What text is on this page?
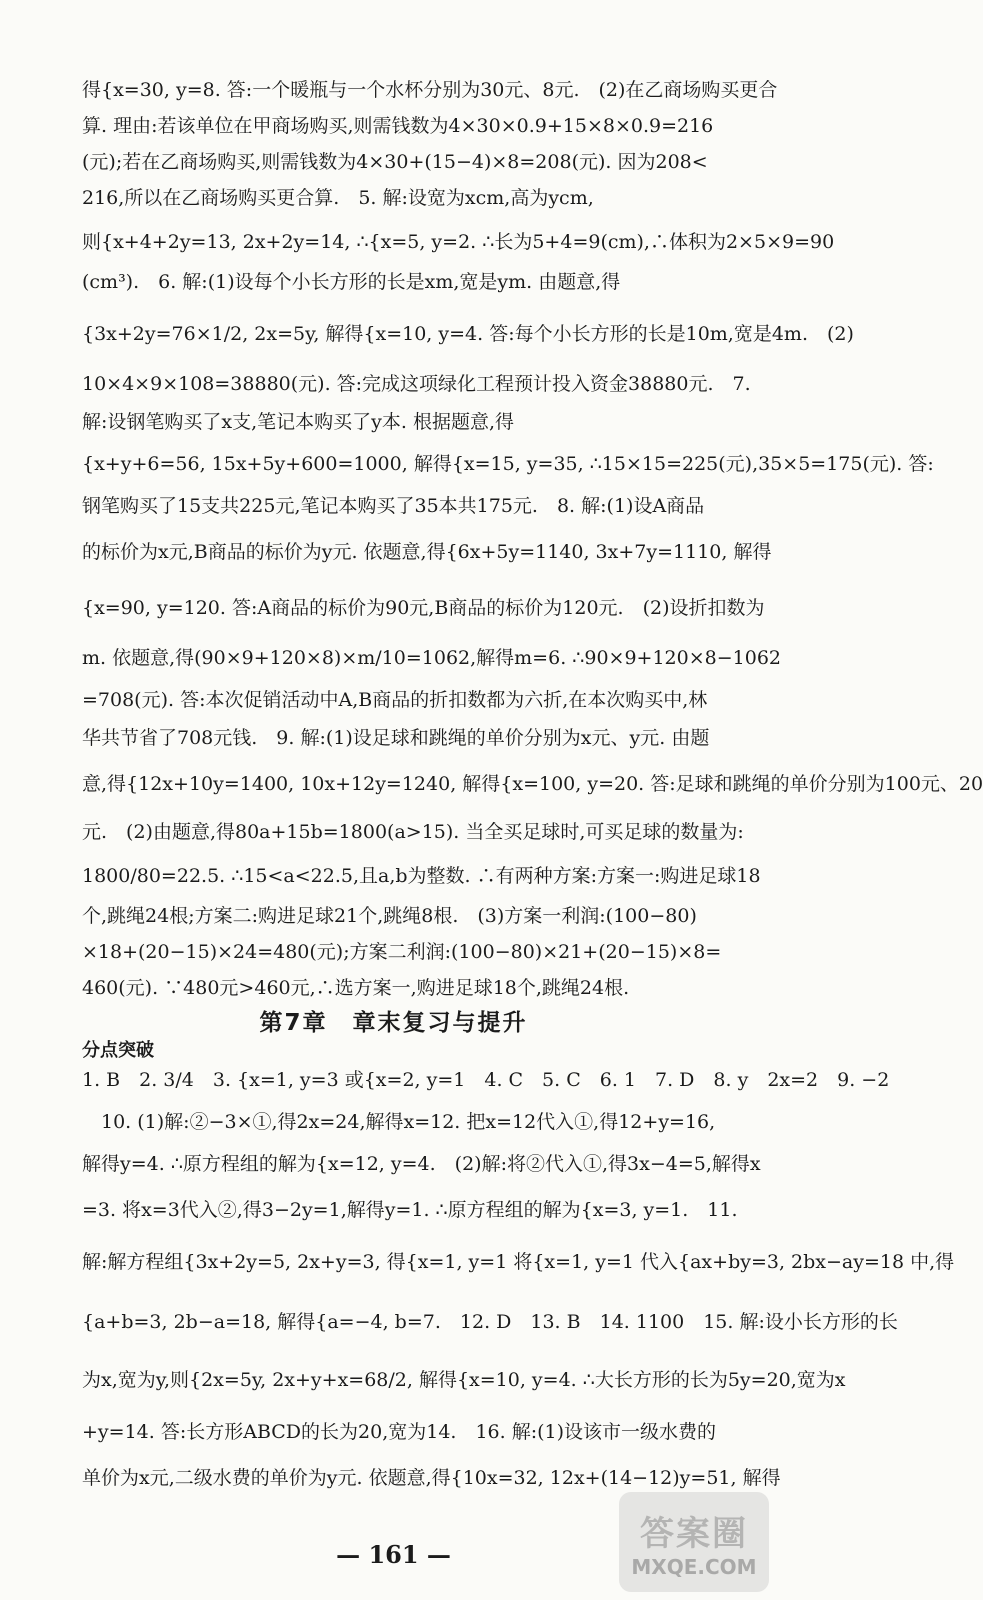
得{x=30, y=8. 答:一个暖瓶与一个水杯分别为30元、8元.　(2)在乙商场购买更合
算. 理由:若该单位在甲商场购买,则需钱数为4×30×0.9+15×8×0.9=216
(元);若在乙商场购买,则需钱数为4×30+(15−4)×8=208(元). 因为208<
216,所以在乙商场购买更合算.　5. 解:设宽为xcm,高为ycm,
则{x+4+2y=13, 2x+2y=14, ∴{x=5, y=2. ∴长为5+4=9(cm),∴体积为2×5×9=90
(cm³).　6. 解:(1)设每个小长方形的长是xm,宽是ym. 由题意,得
{3x+2y=76×1/2, 2x=5y, 解得{x=10, y=4. 答:每个小长方形的长是10m,宽是4m.　(2)
10×4×9×108=38880(元). 答:完成这项绿化工程预计投入资金38880元.　7.
解:设钢笔购买了x支,笔记本购买了y本. 根据题意,得
{x+y+6=56, 15x+5y+600=1000, 解得{x=15, y=35, ∴15×15=225(元),35×5=175(元). 答:
钢笔购买了15支共225元,笔记本购买了35本共175元.　8. 解:(1)设A商品
的标价为x元,B商品的标价为y元. 依题意,得{6x+5y=1140, 3x+7y=1110, 解得
{x=90, y=120. 答:A商品的标价为90元,B商品的标价为120元.　(2)设折扣数为
m. 依题意,得(90×9+120×8)×m/10=1062,解得m=6. ∴90×9+120×8−1062
=708(元). 答:本次促销活动中A,B商品的折扣数都为六折,在本次购买中,林
华共节省了708元钱.　9. 解:(1)设足球和跳绳的单价分别为x元、y元. 由题
意,得{12x+10y=1400, 10x+12y=1240, 解得{x=100, y=20. 答:足球和跳绳的单价分别为100元、20
元.　(2)由题意,得80a+15b=1800(a>15). 当全买足球时,可买足球的数量为:
1800/80=22.5. ∴15<a<22.5,且a,b为整数. ∴有两种方案:方案一:购进足球18
个,跳绳24根;方案二:购进足球21个,跳绳8根.　(3)方案一利润:(100−80)
×18+(20−15)×24=480(元);方案二利润:(100−80)×21+(20−15)×8=
460(元). ∵480元>460元,∴选方案一,购进足球18个,跳绳24根.
第7章　章末复习与提升
分点突破
1. B　2. 3/4　3. {x=1, y=3 或{x=2, y=1　4. C　5. C　6. 1　7. D　8. y　2x=2　9. −2
　10. (1)解:②−3×①,得2x=24,解得x=12. 把x=12代入①,得12+y=16,
解得y=4. ∴原方程组的解为{x=12, y=4.　(2)解:将②代入①,得3x−4=5,解得x
=3. 将x=3代入②,得3−2y=1,解得y=1. ∴原方程组的解为{x=3, y=1.　11.
解:解方程组{3x+2y=5, 2x+y=3, 得{x=1, y=1 将{x=1, y=1 代入{ax+by=3, 2bx−ay=18 中,得
{a+b=3, 2b−a=18, 解得{a=−4, b=7.　12. D　13. B　14. 1100　15. 解:设小长方形的长
为x,宽为y,则{2x=5y, 2x+y+x=68/2, 解得{x=10, y=4. ∴大长方形的长为5y=20,宽为x
+y=14. 答:长方形ABCD的长为20,宽为14.　16. 解:(1)设该市一级水费的
单价为x元,二级水费的单价为y元. 依题意,得{10x=32, 12x+(14−12)y=51, 解得
— 161 —
答案圈
MXQE.COM
